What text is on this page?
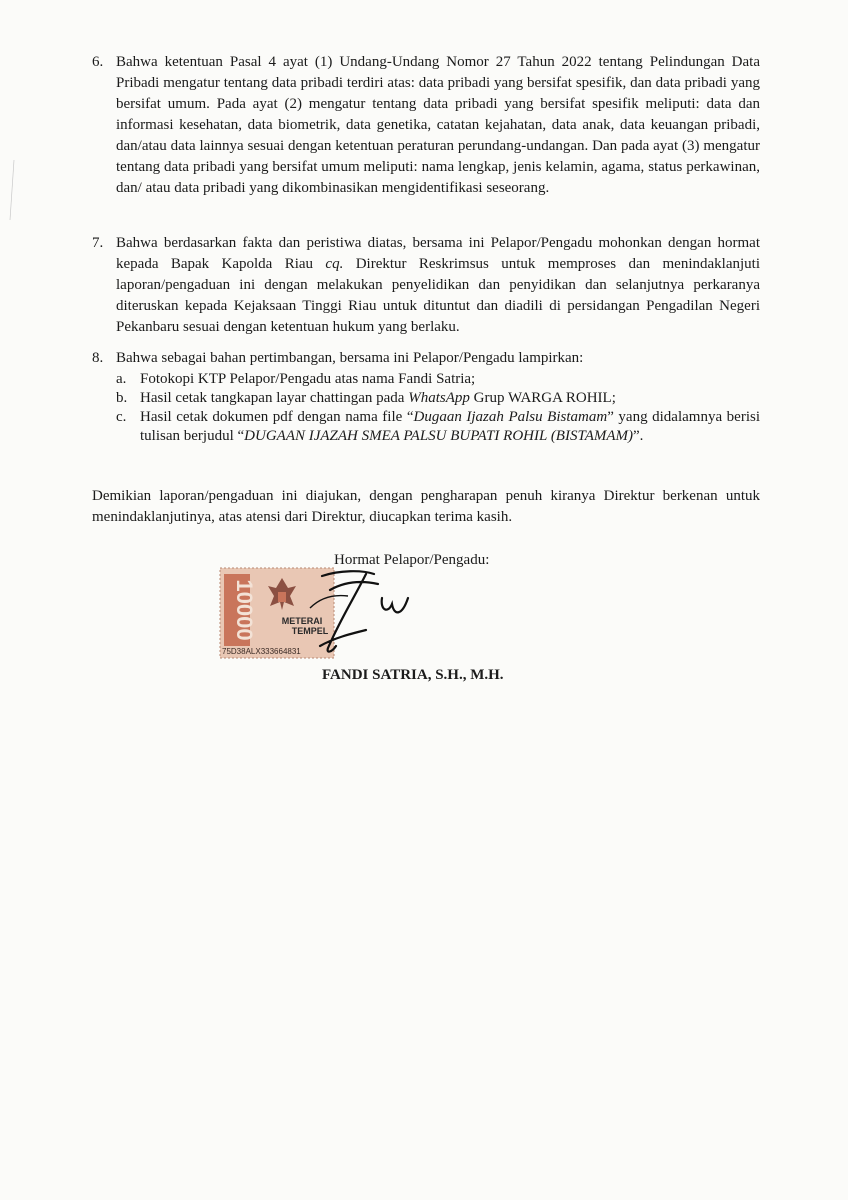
6. Bahwa ketentuan Pasal 4 ayat (1) Undang-Undang Nomor 27 Tahun 2022 tentang Pelindungan Data Pribadi mengatur tentang data pribadi terdiri atas: data pribadi yang bersifat spesifik, dan data pribadi yang bersifat umum. Pada ayat (2) mengatur tentang data pribadi yang bersifat spesifik meliputi: data dan informasi kesehatan, data biometrik, data genetika, catatan kejahatan, data anak, data keuangan pribadi, dan/atau data lainnya sesuai dengan ketentuan peraturan perundang-undangan. Dan pada ayat (3) mengatur tentang data pribadi yang bersifat umum meliputi: nama lengkap, jenis kelamin, agama, status perkawinan, dan/ atau data pribadi yang dikombinasikan mengidentifikasi seseorang.
7. Bahwa berdasarkan fakta dan peristiwa diatas, bersama ini Pelapor/Pengadu mohonkan dengan hormat kepada Bapak Kapolda Riau cq. Direktur Reskrimsus untuk memproses dan menindaklanjuti laporan/pengaduan ini dengan melakukan penyelidikan dan penyidikan dan selanjutnya perkaranya diteruskan kepada Kejaksaan Tinggi Riau untuk dituntut dan diadili di persidangan Pengadilan Negeri Pekanbaru sesuai dengan ketentuan hukum yang berlaku.
8. Bahwa sebagai bahan pertimbangan, bersama ini Pelapor/Pengadu lampirkan:
a. Fotokopi KTP Pelapor/Pengadu atas nama Fandi Satria;
b. Hasil cetak tangkapan layar chattingan pada WhatsApp Grup WARGA ROHIL;
c. Hasil cetak dokumen pdf dengan nama file “Dugaan Ijazah Palsu Bistamam” yang didalamnya berisi tulisan berjudul “DUGAAN IJAZAH SMEA PALSU BUPATI ROHIL (BISTAMAM)”.
Demikian laporan/pengaduan ini diajukan, dengan pengharapan penuh kiranya Direktur berkenan untuk menindaklanjutinya, atas atensi dari Direktur, diucapkan terima kasih.
Hormat Pelapor/Pengadu:
10000	METERAI
TEMPEL
75D38ALX333664831
FANDI SATRIA, S.H., M.H.
